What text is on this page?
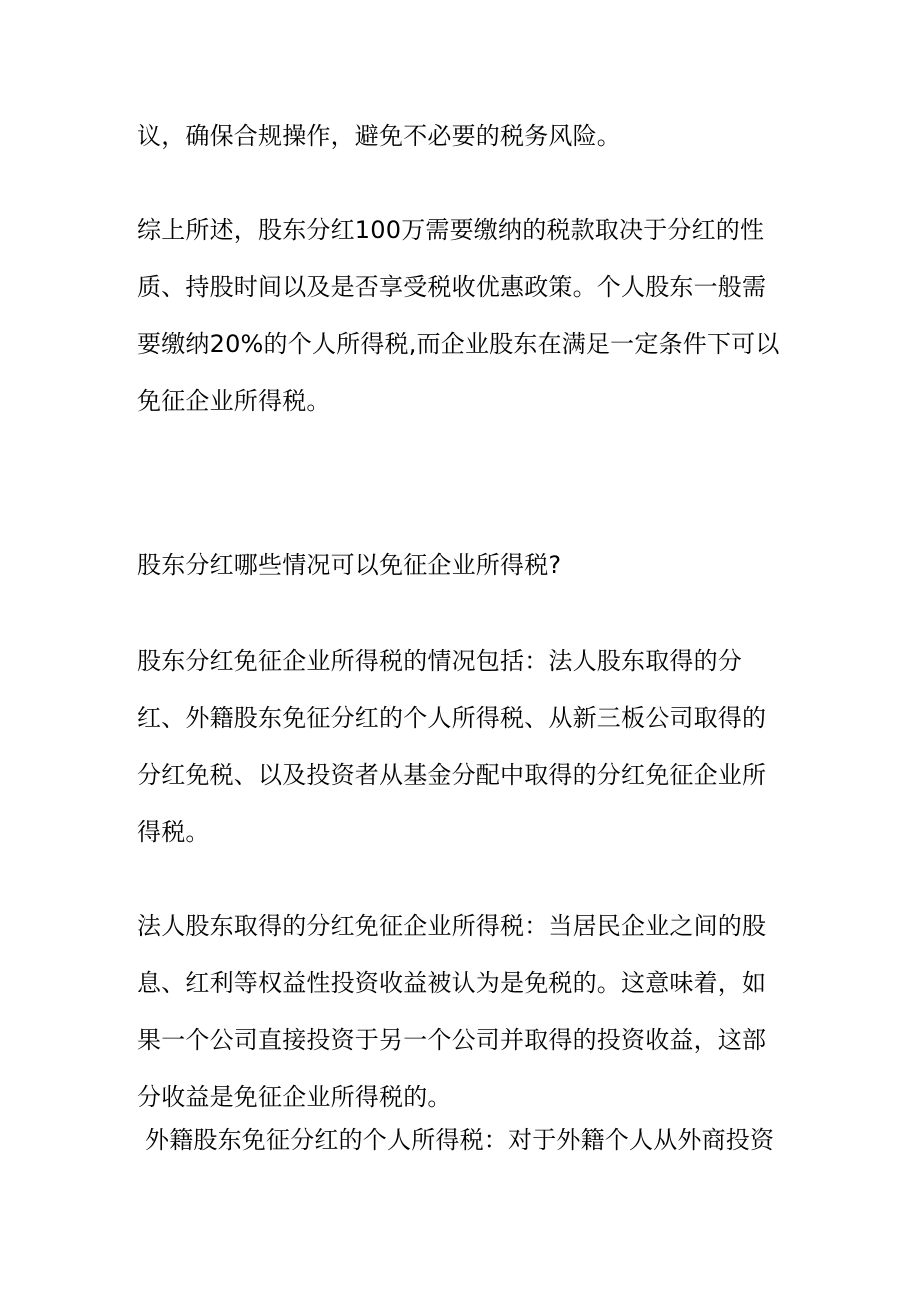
议，确保合规操作，避免不必要的税务风险。

综上所述，股东分红100万需要缴纳的税款取决于分红的性
质、持股时间以及是否享受税收优惠政策。个人股东一般需
要缴纳20%的个人所得税,而企业股东在满足一定条件下可以
免征企业所得税。

股东分红哪些情况可以免征企业所得税?

股东分红免征企业所得税的情况包括：法人股东取得的分
红、外籍股东免征分红的个人所得税、从新三板公司取得的
分红免税、以及投资者从基金分配中取得的分红免征企业所
得税。

法人股东取得的分红免征企业所得税：当居民企业之间的股
息、红利等权益性投资收益被认为是免税的。这意味着，如
果一个公司直接投资于另一个公司并取得的投资收益，这部
分收益是免征企业所得税的。

外籍股东免征分红的个人所得税：对于外籍个人从外商投资
